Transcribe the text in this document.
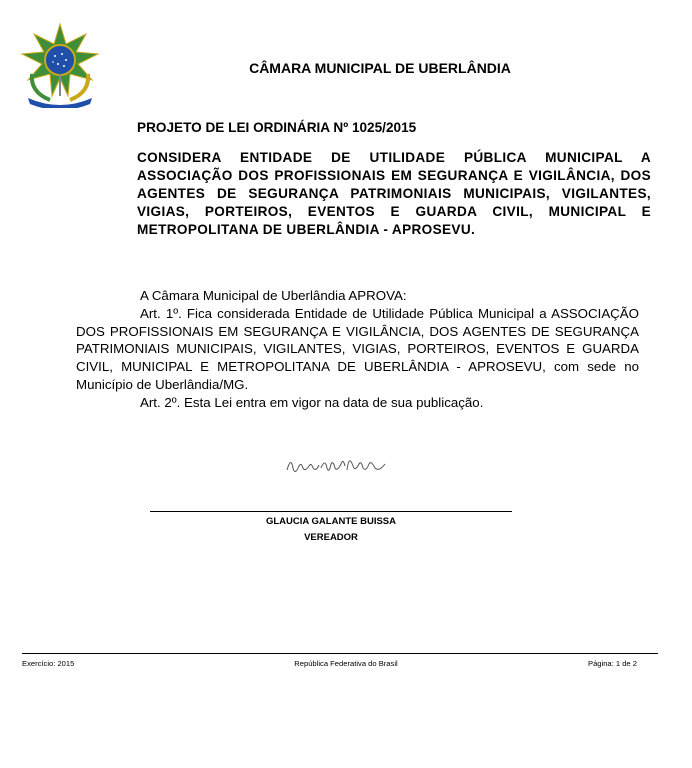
CÂMARA MUNICIPAL DE UBERLÂNDIA
PROJETO DE LEI ORDINÁRIA Nº 1025/2015
CONSIDERA ENTIDADE DE UTILIDADE PÚBLICA MUNICIPAL A ASSOCIAÇÃO DOS PROFISSIONAIS EM SEGURANÇA E VIGILÂNCIA, DOS AGENTES DE SEGURANÇA PATRIMONIAIS MUNICIPAIS, VIGILANTES, VIGIAS, PORTEIROS, EVENTOS E GUARDA CIVIL, MUNICIPAL E METROPOLITANA DE UBERLÂNDIA - APROSEVU.

A Câmara Municipal de Uberlândia APROVA:

Art. 1º. Fica considerada Entidade de Utilidade Pública Municipal a ASSOCIAÇÃO DOS PROFISSIONAIS EM SEGURANÇA E VIGILÂNCIA, DOS AGENTES DE SEGURANÇA PATRIMONIAIS MUNICIPAIS, VIGILANTES, VIGIAS, PORTEIROS, EVENTOS E GUARDA CIVIL, MUNICIPAL E METROPOLITANA DE UBERLÂNDIA - APROSEVU, com sede no Município de Uberlândia/MG.

Art. 2º. Esta Lei entra em vigor na data de sua publicação.

GLAUCIA GALANTE BUISSA
VEREADOR
Exercício: 2015	República Federativa do Brasil	Página: 1 de 2
